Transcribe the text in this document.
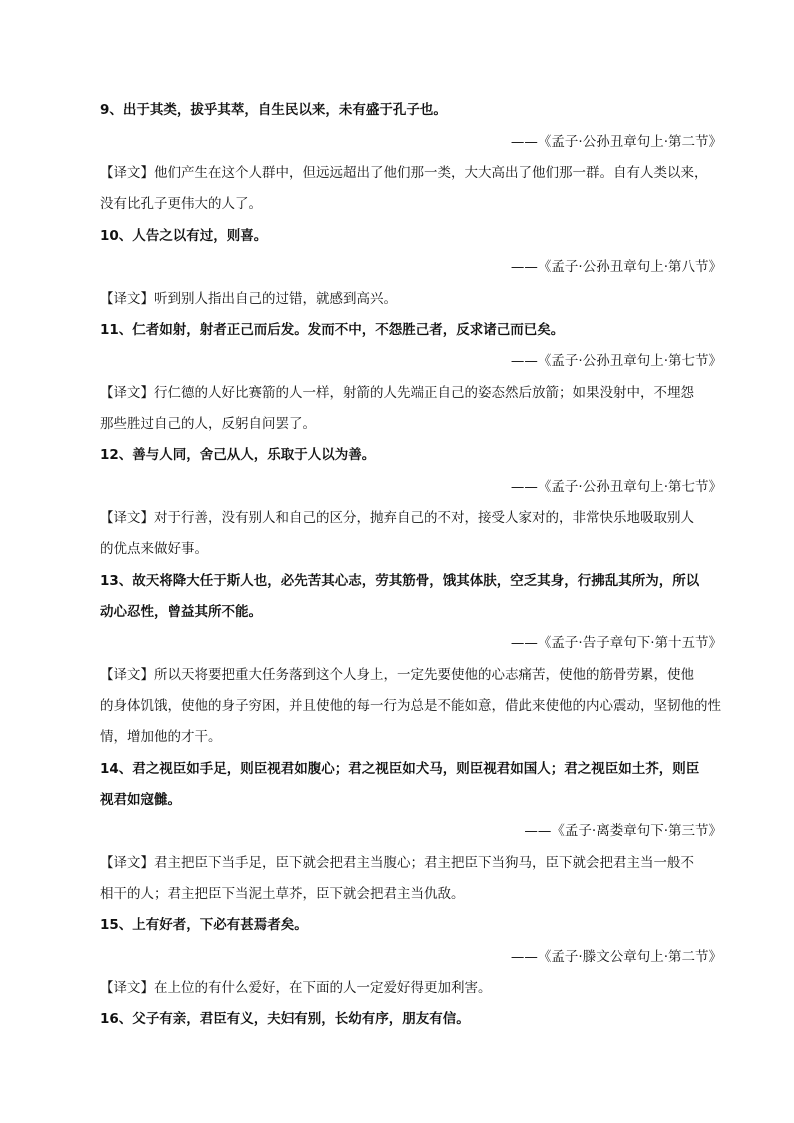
9、出于其类，拔乎其萃，自生民以来，未有盛于孔子也。
——《孟子·公孙丑章句上·第二节》
【译文】他们产生在这个人群中，但远远超出了他们那一类，大大高出了他们那一群。自有人类以来，
没有比孔子更伟大的人了。
10、人告之以有过，则喜。
——《孟子·公孙丑章句上·第八节》
【译文】听到别人指出自己的过错，就感到高兴。
11、仁者如射，射者正己而后发。发而不中，不怨胜己者，反求诸己而已矣。
——《孟子·公孙丑章句上·第七节》
【译文】行仁德的人好比赛箭的人一样，射箭的人先端正自己的姿态然后放箭；如果没射中，不埋怨
那些胜过自己的人，反躬自问罢了。
12、善与人同，舍己从人，乐取于人以为善。
——《孟子·公孙丑章句上·第七节》
【译文】对于行善，没有别人和自己的区分，抛弃自己的不对，接受人家对的，非常快乐地吸取别人
的优点来做好事。
13、故天将降大任于斯人也，必先苦其心志，劳其筋骨，饿其体肤，空乏其身，行拂乱其所为，所以
动心忍性，曾益其所不能。
——《孟子·告子章句下·第十五节》
【译文】所以天将要把重大任务落到这个人身上，一定先要使他的心志痛苦，使他的筋骨劳累，使他
的身体饥饿，使他的身子穷困，并且使他的每一行为总是不能如意，借此来使他的内心震动，坚韧他的性
情，增加他的才干。
14、君之视臣如手足，则臣视君如腹心；君之视臣如犬马，则臣视君如国人；君之视臣如土芥，则臣
视君如寇雠。
——《孟子·离娄章句下·第三节》
【译文】君主把臣下当手足，臣下就会把君主当腹心；君主把臣下当狗马，臣下就会把君主当一般不
相干的人；君主把臣下当泥土草芥，臣下就会把君主当仇敌。
15、上有好者，下必有甚焉者矣。
——《孟子·滕文公章句上·第二节》
【译文】在上位的有什么爱好，在下面的人一定爱好得更加利害。
16、父子有亲，君臣有义，夫妇有别，长幼有序，朋友有信。
